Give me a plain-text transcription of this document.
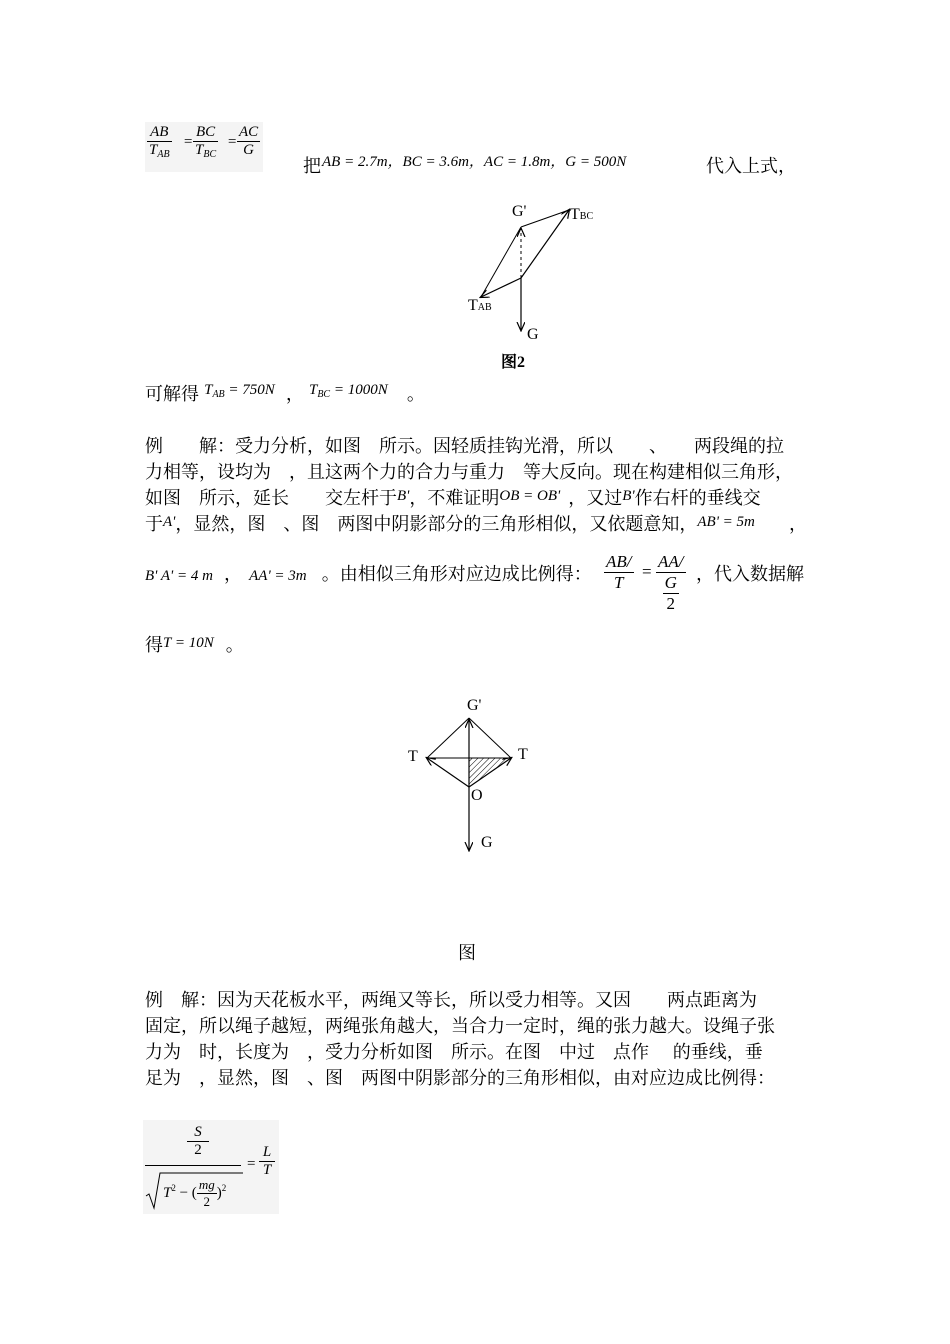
AB
$T_{AB}$
=
BC
$T_{BC}$
= $\frac{AC}{G}$
把 AB = 2.7m，BC = 3.6m，AC = 1.8m，G = 500N	代入上式，
G'	TBC
TAB
G
图2
可解得 $T_{AB} = 750N$ ， $T_{BC} = 1000N$ 。
例　　解：受力分析，如图　所示。因轻质挂钩光滑，所以　　、　　两段绳的拉
力相等，设均为　，且这两个力的合力与重力　等大反向。现在构建相似三角形，
如图　所示，延长　　交左杆于B'，不难证明OB = OB' ，又过B'作右杆的垂线交
于A'，显然，图　、图　两图中阴影部分的三角形相似，又依题意知，AB' = 5m ，
B' A' = 4 m ， AA' = 3m 。由相似三角形对应边成比例得： $\frac{AB/}{T} = \frac{AA/}{\frac{G}{2}}$ ，代入数据解
得T = 10N 。
G'
T	T
O
G
图
例　解：因为天花板水平，两绳又等长，所以受力相等。又因　　两点距离为
固定，所以绳子越短，两绳张角越大，当合力一定时，绳的张力越大。设绳子张
力为　时，长度为　，受力分析如图　所示。在图　中过　点作　 的垂线，垂
足为　，显然，图　、图　两图中阴影部分的三角形相似，由对应边成比例得：
S
2
$T^2$ − ( $\frac{mg}{2} )^2$
=
L
T
